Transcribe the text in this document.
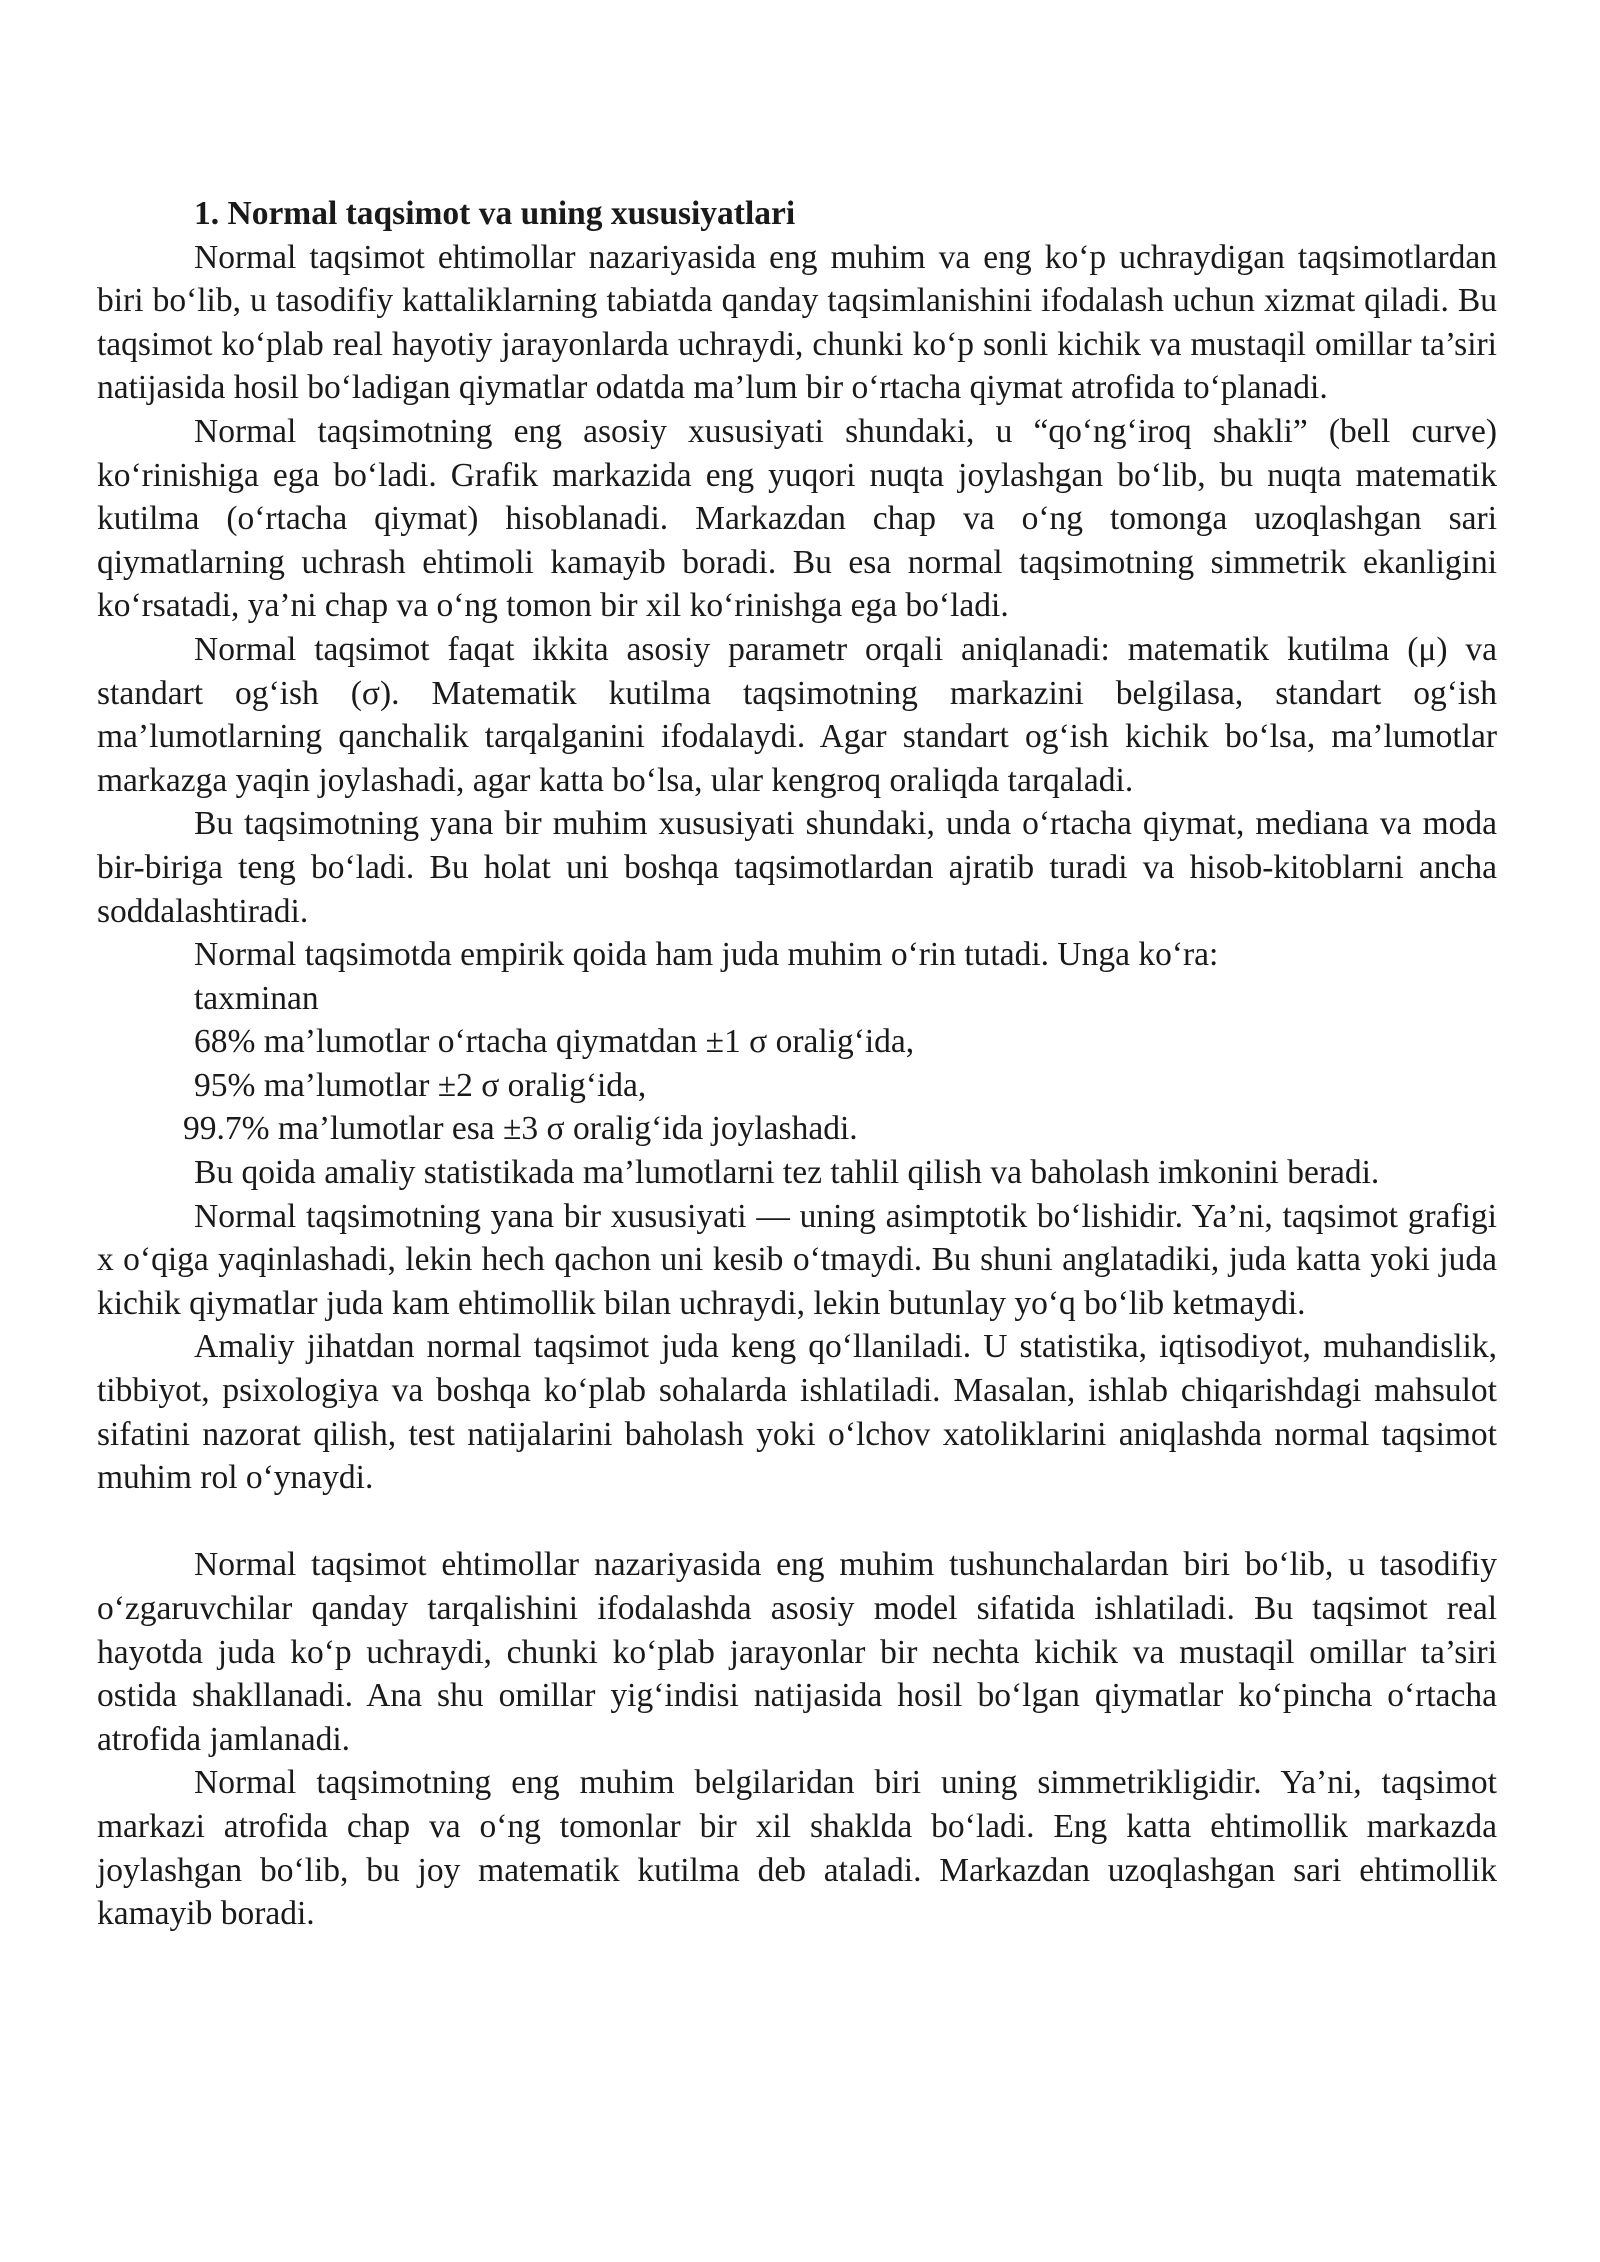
1. Normal taqsimot va uning xususiyatlari

Normal taqsimot ehtimollar nazariyasida eng muhim va eng ko‘p uchraydigan taqsimotlardan biri bo‘lib, u tasodifiy kattaliklarning tabiatda qanday taqsimlanishini ifodalash uchun xizmat qiladi. Bu taqsimot ko‘plab real hayotiy jarayonlarda uchraydi, chunki ko‘p sonli kichik va mustaqil omillar ta’siri natijasida hosil bo‘ladigan qiymatlar odatda ma’lum bir o‘rtacha qiymat atrofida to‘planadi.

Normal taqsimotning eng asosiy xususiyati shundaki, u “qo‘ng‘iroq shakli” (bell curve) ko‘rinishiga ega bo‘ladi. Grafik markazida eng yuqori nuqta joylashgan bo‘lib, bu nuqta matematik kutilma (o‘rtacha qiymat) hisoblanadi. Markazdan chap va o‘ng tomonga uzoqlashgan sari qiymatlarning uchrash ehtimoli kamayib boradi. Bu esa normal taqsimotning simmetrik ekanligini ko‘rsatadi, ya’ni chap va o‘ng tomon bir xil ko‘rinishga ega bo‘ladi.

Normal taqsimot faqat ikkita asosiy parametr orqali aniqlanadi: matematik kutilma (μ) va standart og‘ish (σ). Matematik kutilma taqsimotning markazini belgilasa, standart og‘ish ma’lumotlarning qanchalik tarqalganini ifodalaydi. Agar standart og‘ish kichik bo‘lsa, ma’lumotlar markazga yaqin joylashadi, agar katta bo‘lsa, ular kengroq oraliqda tarqaladi.

Bu taqsimotning yana bir muhim xususiyati shundaki, unda o‘rtacha qiymat, mediana va moda bir-biriga teng bo‘ladi. Bu holat uni boshqa taqsimotlardan ajratib turadi va hisob-kitoblarni ancha soddalashtiradi.

Normal taqsimotda empirik qoida ham juda muhim o‘rin tutadi. Unga ko‘ra:

taxminan
68% ma’lumotlar o‘rtacha qiymatdan ±1 σ oralig‘ida,
95% ma’lumotlar ±2 σ oralig‘ida,
99.7% ma’lumotlar esa ±3 σ oralig‘ida joylashadi.

Bu qoida amaliy statistikada ma’lumotlarni tez tahlil qilish va baholash imkonini beradi.

Normal taqsimotning yana bir xususiyati — uning asimptotik bo‘lishidir. Ya’ni, taqsimot grafigi x o‘qiga yaqinlashadi, lekin hech qachon uni kesib o‘tmaydi. Bu shuni anglatadiki, juda katta yoki juda kichik qiymatlar juda kam ehtimollik bilan uchraydi, lekin butunlay yo‘q bo‘lib ketmaydi.

Amaliy jihatdan normal taqsimot juda keng qo‘llaniladi. U statistika, iqtisodiyot, muhandislik, tibbiyot, psixologiya va boshqa ko‘plab sohalarda ishlatiladi. Masalan, ishlab chiqarishdagi mahsulot sifatini nazorat qilish, test natijalarini baholash yoki o‘lchov xatoliklarini aniqlashda normal taqsimot muhim rol o‘ynaydi.

Normal taqsimot ehtimollar nazariyasida eng muhim tushunchalardan biri bo‘lib, u tasodifiy o‘zgaruvchilar qanday tarqalishini ifodalashda asosiy model sifatida ishlatiladi. Bu taqsimot real hayotda juda ko‘p uchraydi, chunki ko‘plab jarayonlar bir nechta kichik va mustaqil omillar ta’siri ostida shakllanadi. Ana shu omillar yig‘indisi natijasida hosil bo‘lgan qiymatlar ko‘pincha o‘rtacha atrofida jamlanadi.

Normal taqsimotning eng muhim belgilaridan biri uning simmetrikligidir. Ya’ni, taqsimot markazi atrofida chap va o‘ng tomonlar bir xil shaklda bo‘ladi. Eng katta ehtimollik markazda joylashgan bo‘lib, bu joy matematik kutilma deb ataladi. Markazdan uzoqlashgan sari ehtimollik kamayib boradi.
